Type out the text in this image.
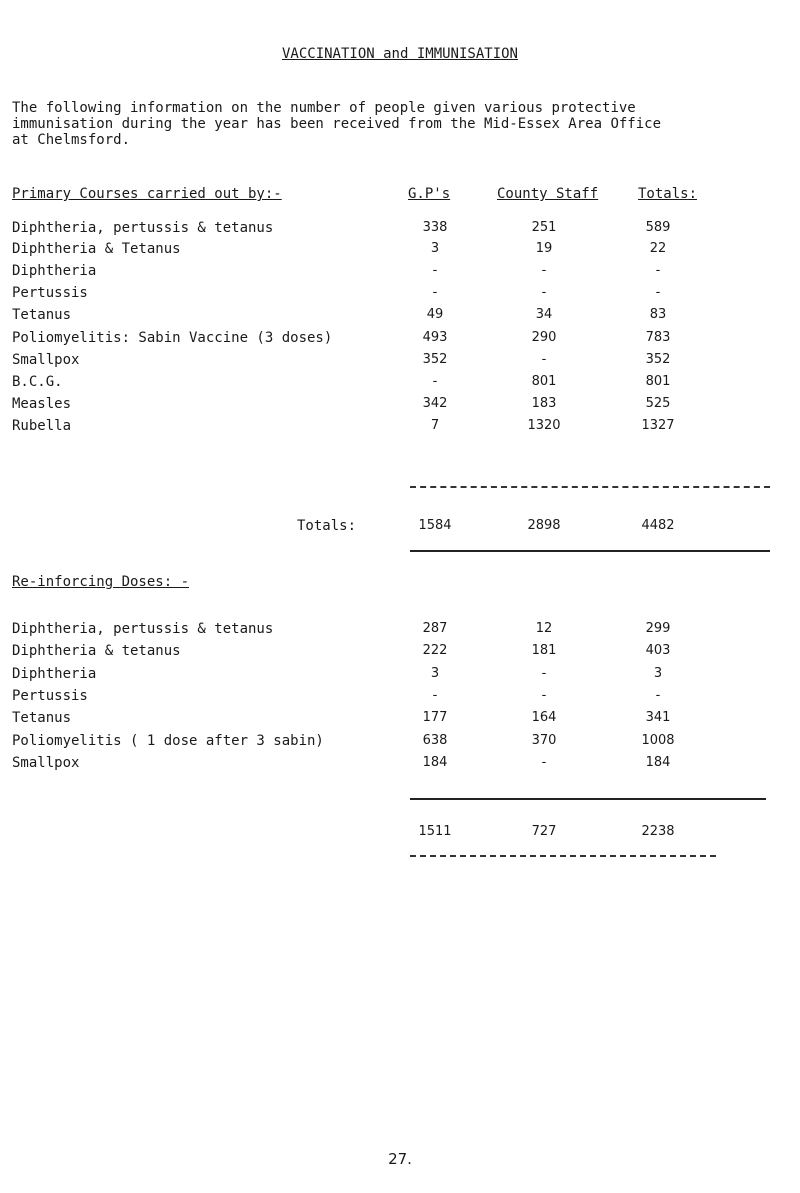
VACCINATION and IMMUNISATION
The following information on the number of people given various protective
immunisation during the year has been received from the Mid-Essex Area Office
at Chelmsford.
Primary Courses carried out by:-	G.P's	County Staff	Totals:
Diphtheria, pertussis & tetanus	338	251	589
Diphtheria & Tetanus	3	19	22
Diphtheria	-	-	-
Pertussis	-	-	-
Tetanus	49	34	83
Poliomyelitis: Sabin Vaccine (3 doses)	493	290	783
Smallpox	352	-	352
B.C.G.	-	801	801
Measles	342	183	525
Rubella	7	1320	1327
Totals:	1584	2898	4482
Re-inforcing Doses: -
Diphtheria, pertussis & tetanus	287	12	299
Diphtheria & tetanus	222	181	403
Diphtheria	3	-	3
Pertussis	-	-	-
Tetanus	177	164	341
Poliomyelitis ( 1 dose after 3 sabin)	638	370	1008
Smallpox	184	-	184
1511	727	2238
27.
